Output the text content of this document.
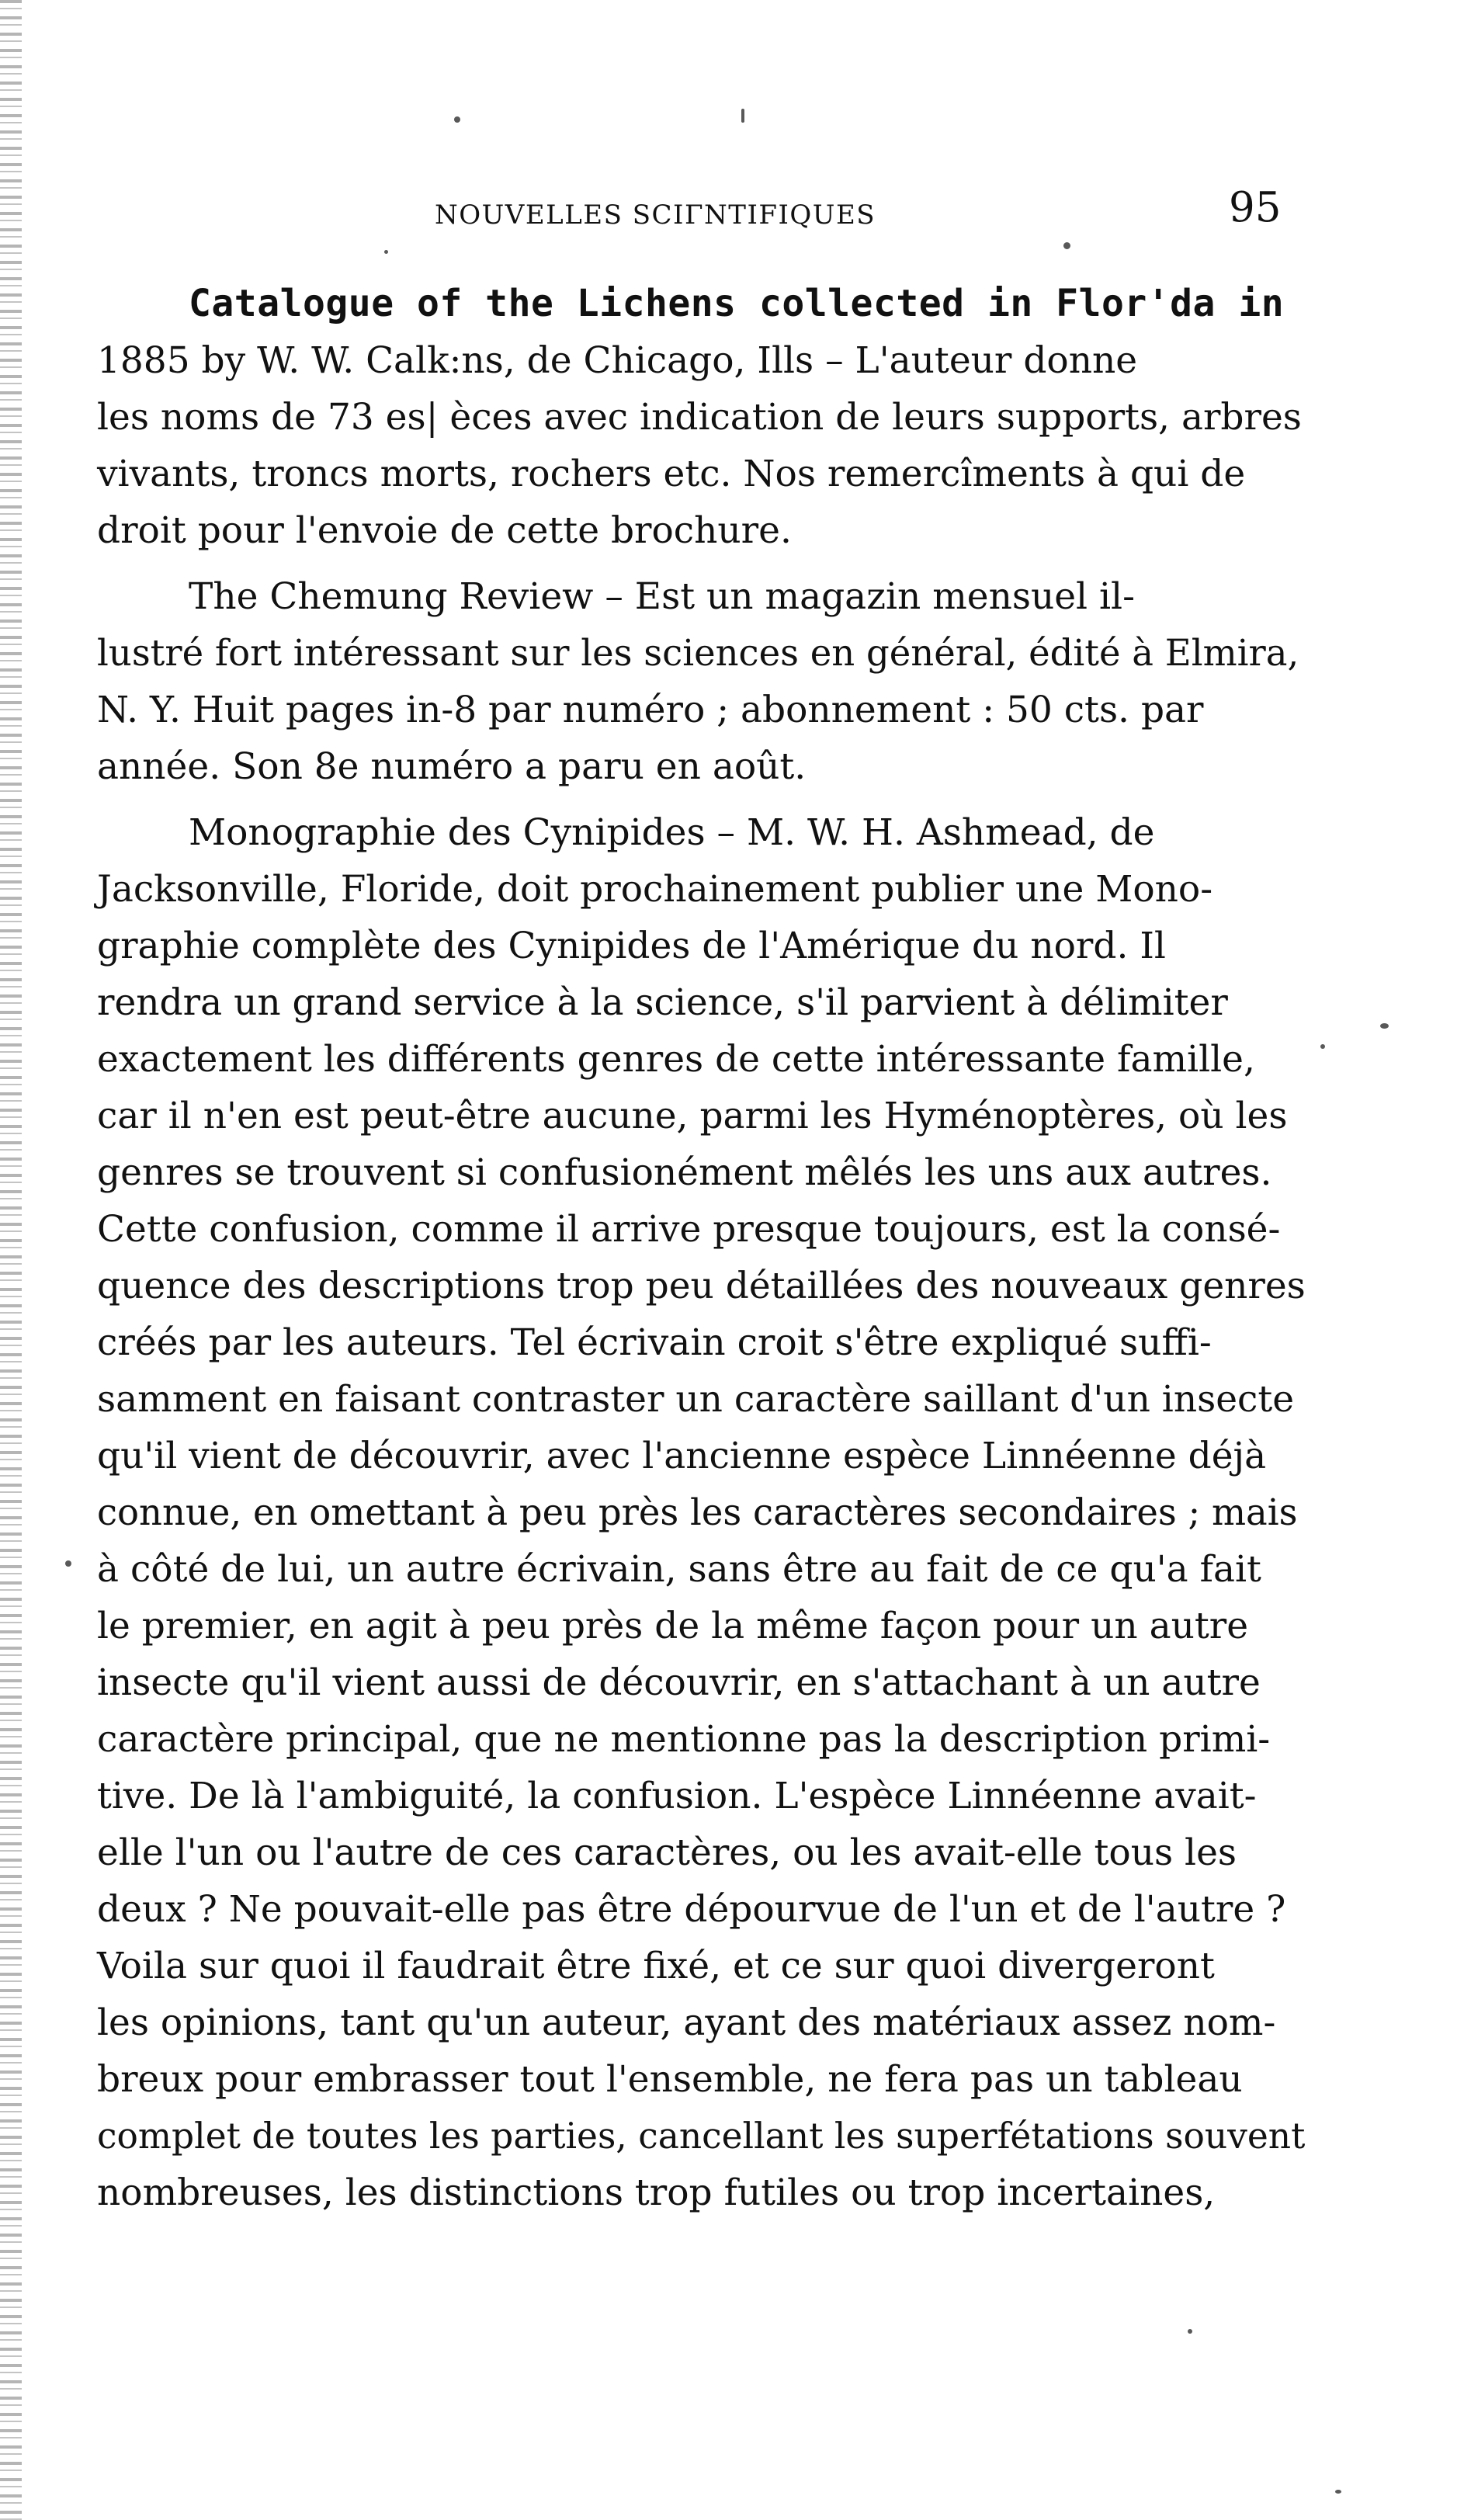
NOUVELLES SCIΓNTIFIQUES	95
Catalogue of the Lichens collected in Flor'da in
1885 by W. W. Calk:ns, de Chicago, Ills – L'auteur donne
les noms de 73 es| èces avec indication de leurs supports, arbres
vivants, troncs morts, rochers etc. Nos remercîments à qui de
droit pour l'envoie de cette brochure.
The Chemung Review – Est un magazin mensuel il-
lustré fort intéressant sur les sciences en général, édité à Elmira,
N. Y. Huit pages in-8 par numéro ; abonnement : 50 cts. par
année. Son 8e numéro a paru en août.
Monographie des Cynipides – M. W. H. Ashmead, de
Jacksonville, Floride, doit prochainement publier une Mono-
graphie complète des Cynipides de l'Amérique du nord. Il
rendra un grand service à la science, s'il parvient à délimiter
exactement les différents genres de cette intéressante famille,
car il n'en est peut-être aucune, parmi les Hyménoptères, où les
genres se trouvent si confusionément mêlés les uns aux autres.
Cette confusion, comme il arrive presque toujours, est la consé-
quence des descriptions trop peu détaillées des nouveaux genres
créés par les auteurs. Tel écrivain croit s'être expliqué suffi-
samment en faisant contraster un caractère saillant d'un insecte
qu'il vient de découvrir, avec l'ancienne espèce Linnéenne déjà
connue, en omettant à peu près les caractères secondaires ; mais
à côté de lui, un autre écrivain, sans être au fait de ce qu'a fait
le premier, en agit à peu près de la même façon pour un autre
insecte qu'il vient aussi de découvrir, en s'attachant à un autre
caractère principal, que ne mentionne pas la description primi-
tive. De là l'ambiguité, la confusion. L'espèce Linnéenne avait-
elle l'un ou l'autre de ces caractères, ou les avait-elle tous les
deux ? Ne pouvait-elle pas être dépourvue de l'un et de l'autre ?
Voila sur quoi il faudrait être fixé, et ce sur quoi divergeront
les opinions, tant qu'un auteur, ayant des matériaux assez nom-
breux pour embrasser tout l'ensemble, ne fera pas un tableau
complet de toutes les parties, cancellant les superfétations souvent
nombreuses, les distinctions trop futiles ou trop incertaines,
